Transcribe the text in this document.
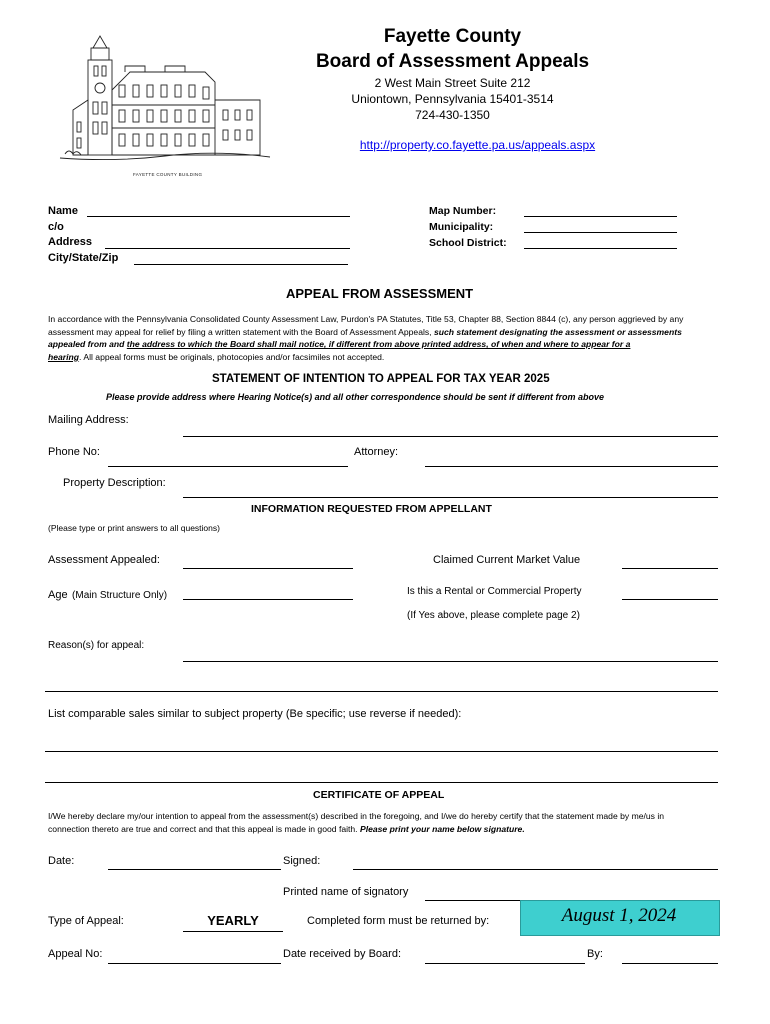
FAYETTE COUNTY BUILDING
Fayette County
Board of Assessment Appeals
2 West Main Street Suite 212
Uniontown, Pennsylvania 15401-3514
724-430-1350
http://property.co.fayette.pa.us/appeals.aspx
Name
c/o
Address
City/State/Zip
Map Number:
Municipality:
School District:
APPEAL FROM ASSESSMENT
In accordance with the Pennsylvania Consolidated County Assessment Law, Purdon's PA Statutes, Title 53, Chapter 88, Section 8844 (c), any person aggrieved by any
assessment may appeal for relief by filing a written statement with the Board of Assessment Appeals, such statement designating the assessment or assessments
appealed from and the address to which the Board shall mail notice, if different from above printed address, of when and where to appear for a
hearing. All appeal forms must be originals, photocopies and/or facsimiles not accepted.
STATEMENT OF INTENTION TO APPEAL FOR TAX YEAR 2025
Please provide address where Hearing Notice(s) and all other correspondence should be sent if different from above
Mailing Address:
Phone No:	Attorney:
Property Description:
INFORMATION REQUESTED FROM APPELLANT
(Please type or print answers to all questions)
Assessment Appealed:	Claimed Current Market Value
Age (Main Structure Only)	Is this a Rental or Commercial Property
(If Yes above, please complete page 2)
Reason(s) for appeal:
List comparable sales similar to subject property (Be specific; use reverse if needed):
CERTIFICATE OF APPEAL
I/We hereby declare my/our intention to appeal from the assessment(s) described in the foregoing, and I/we do hereby certify that the statement made by me/us in
connection thereto are true and correct and that this appeal is made in good faith. Please print your name below signature.
Date:	Signed:
Printed name of signatory
Type of Appeal:	YEARLY	Completed form must be returned by:	August 1, 2024
Appeal No:	Date received by Board:	By:
